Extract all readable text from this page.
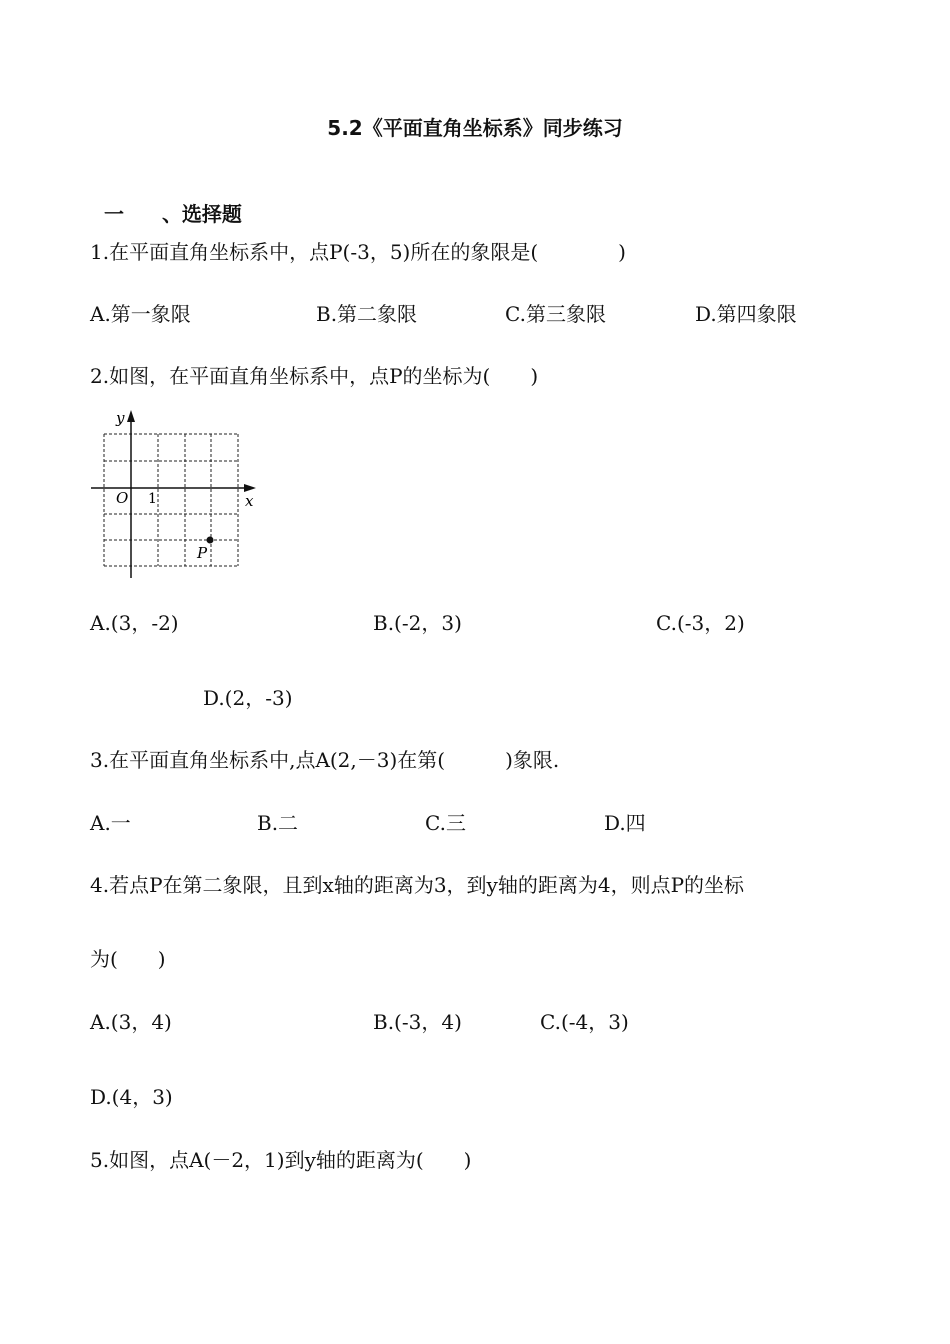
5.2《平面直角坐标系》同步练习

一 、选择题

1.在平面直角坐标系中，点P(-3，5)所在的象限是(　　　　)
A.第一象限	B.第二象限	C.第三象限	D.第四象限
2.如图，在平面直角坐标系中，点P的坐标为(　　)
y
x
O 1
P
A.(3，-2)	B.(-2，3)	C.(-3，2)
D.(2，-3)
3.在平面直角坐标系中,点A(2,－3)在第(　　　)象限.
A.一	B.二	C.三	D.四
4.若点P在第二象限，且到x轴的距离为3，到y轴的距离为4，则点P的坐标
为(　　)
A.(3，4)	B.(-3，4)	C.(-4，3)
D.(4，3)
5.如图，点A(－2，1)到y轴的距离为(　　)
